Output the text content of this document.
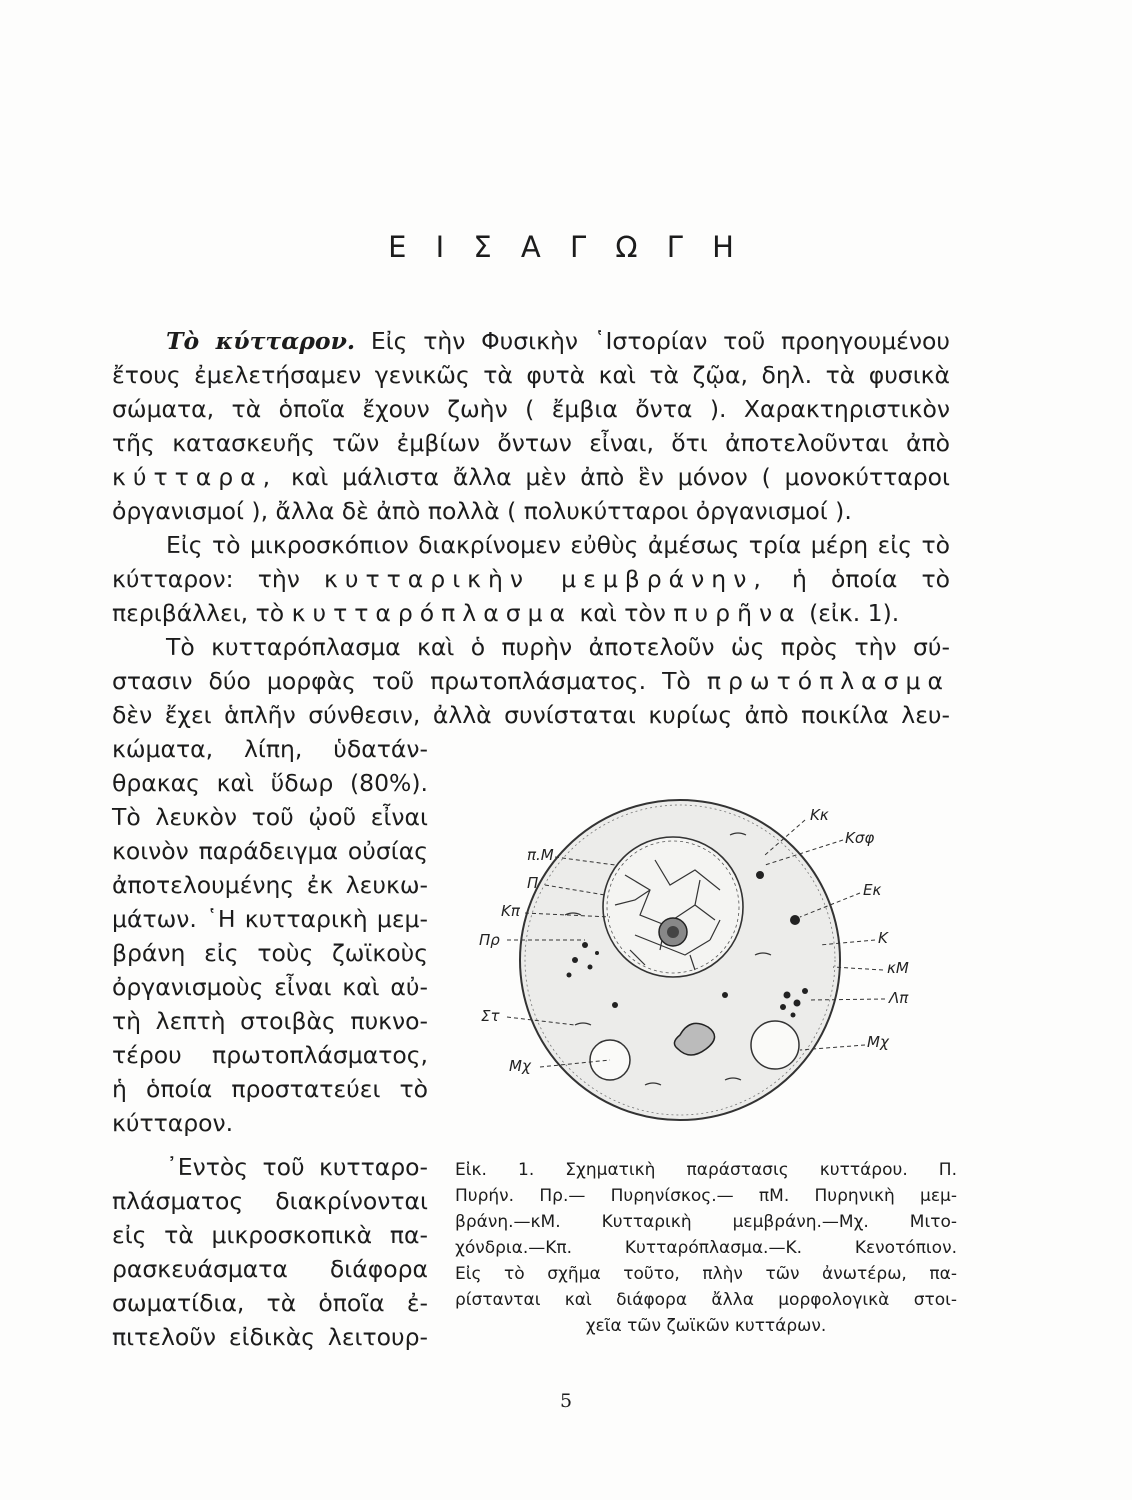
Ε Ι Σ Α Γ Ω Γ Η
Τὸ κύτταρον. Εἰς τὴν Φυσικὴν ῾Ιστορίαν τοῦ προηγουμένου
ἔτους ἐμελετήσαμεν γενικῶς τὰ φυτὰ καὶ τὰ ζῷα, δηλ. τὰ φυσικὰ
σώματα, τὰ ὁποῖα ἔχουν ζωὴν ( ἔμβια ὄντα ). Χαρακτηριστικὸν
τῆς κατασκευῆς τῶν ἐμβίων ὄντων εἶναι, ὅτι ἀποτελοῦνται ἀπὸ
κύτταρα, καὶ μάλιστα ἄλλα μὲν ἀπὸ ἓν μόνον ( μονοκύτταροι
ὀργανισμοί ), ἄλλα δὲ ἀπὸ πολλὰ ( πολυκύτταροι ὀργανισμοί ).
Εἰς τὸ μικροσκόπιον διακρίνομεν εὐθὺς ἀμέσως τρία μέρη εἰς τὸ
κύτταρον: τὴν κυτταρικὴν μεμβράνην, ἡ ὁποία τὸ
περιβάλλει, τὸ κυτταρόπλασμα καὶ τὸν πυρῆνα (εἰκ. 1).
Τὸ κυτταρόπλασμα καὶ ὁ πυρὴν ἀποτελοῦν ὡς πρὸς τὴν σύ-
στασιν δύο μορφὰς τοῦ πρωτοπλάσματος. Τὸ πρωτόπλασμα
δὲν ἔχει ἁπλῆν σύνθεσιν, ἀλλὰ συνίσταται κυρίως ἀπὸ ποικίλα λευ-
κώματα, λίπη, ὑδατάν-
θρακας καὶ ὕδωρ (80%).
Τὸ λευκὸν τοῦ ᾠοῦ εἶναι
κοινὸν παράδειγμα οὐσίας
ἀποτελουμένης ἐκ λευκω-
μάτων. ῾Η κυτταρικὴ μεμ-
βράνη εἰς τοὺς ζωϊκοὺς
ὀργανισμοὺς εἶναι καὶ αὐ-
τὴ λεπτὴ στοιβὰς πυκνο-
τέρου πρωτοπλάσματος,
ἡ ὁποία προστατεύει τὸ
κύτταρον.
᾿Εντὸς τοῦ κυτταρο-
πλάσματος διακρίνονται
εἰς τὰ μικροσκοπικὰ πα-
ρασκευάσματα διάφορα
σωματίδια, τὰ ὁποῖα ἐ-
πιτελοῦν εἰδικὰς λειτουρ-
π.Μ
Π
Κπ
Πρ
Στ
Μχ
Κκ
Κσφ
Εκ
Κ
κΜ
Λπ
Μχ
Εἰκ. 1. Σχηματικὴ παράστασις κυττάρου. Π.
Πυρήν. Πρ.— Πυρηνίσκος.— πΜ. Πυρηνικὴ μεμ-
βράνη.—κΜ. Κυτταρικὴ μεμβράνη.—Μχ. Μιτο-
χόνδρια.—Κπ. Κυτταρόπλασμα.—Κ. Κενοτόπιον.
Εἰς τὸ σχῆμα τοῦτο, πλὴν τῶν ἀνωτέρω, πα-
ρίστανται καὶ διάφορα ἄλλα μορφολογικὰ στοι-
χεῖα τῶν ζωϊκῶν κυττάρων.
5
